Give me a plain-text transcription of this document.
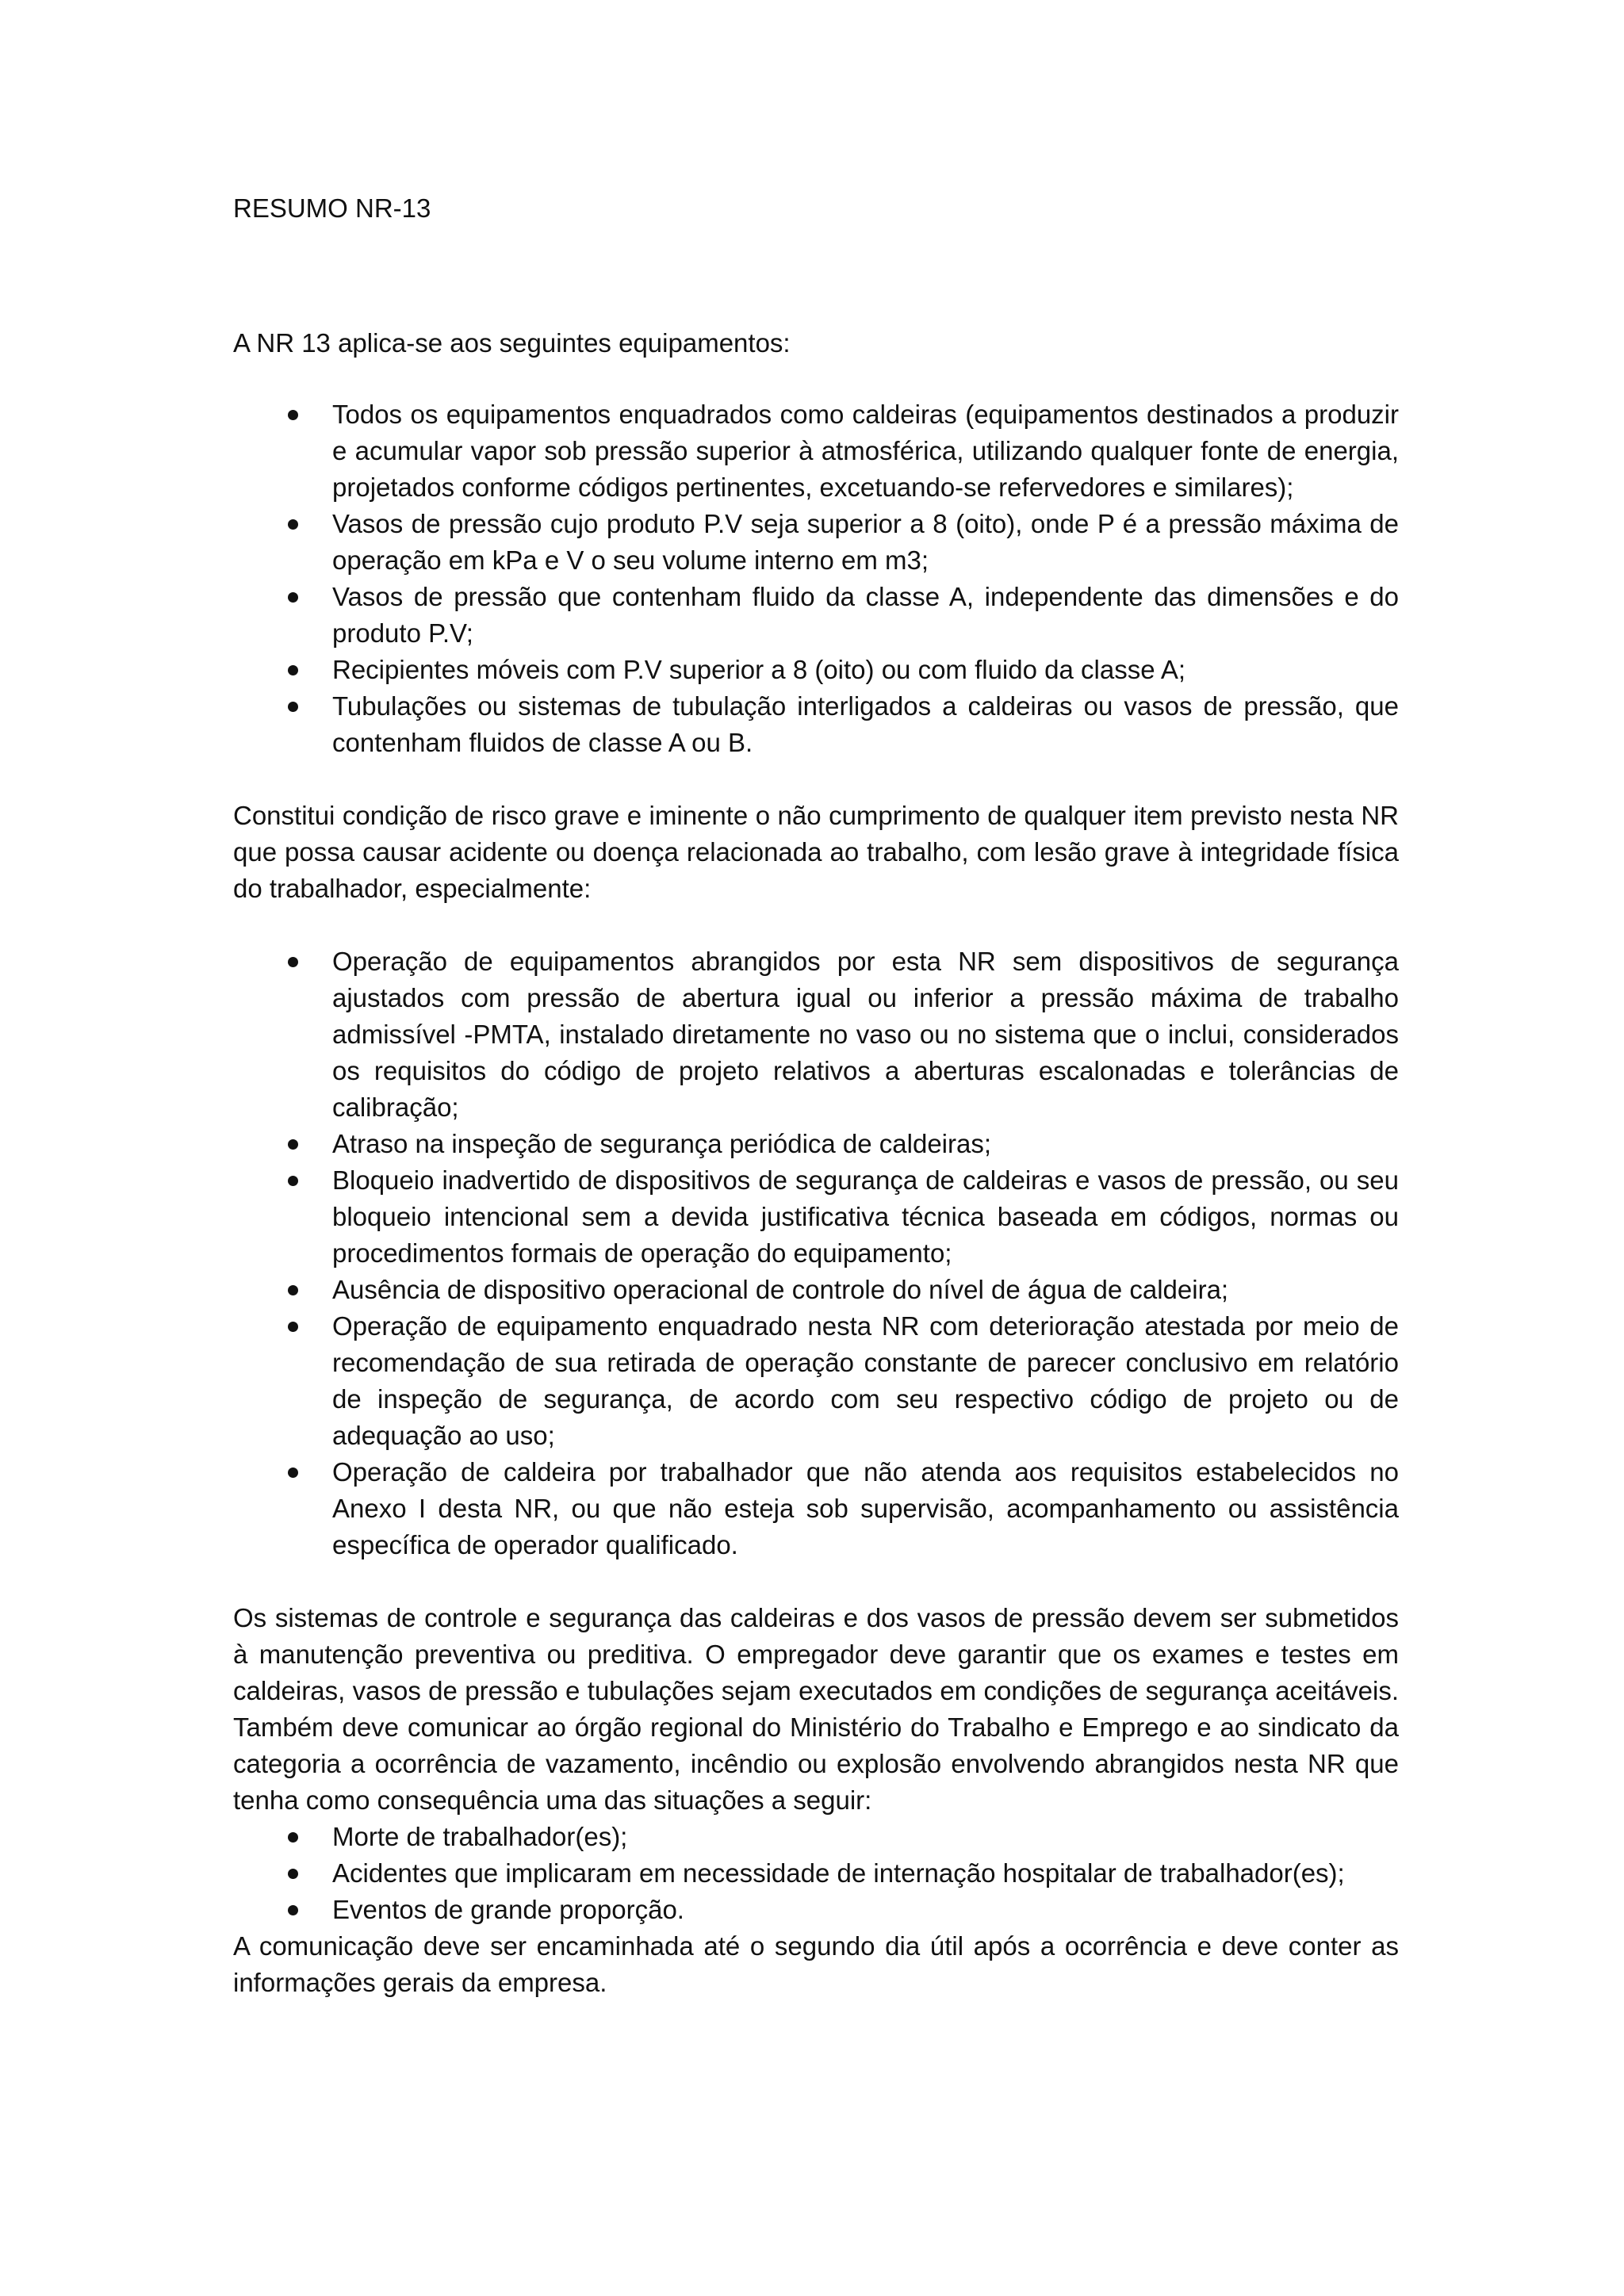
RESUMO NR-13

A NR 13 aplica-se aos seguintes equipamentos:

Todos os equipamentos enquadrados como caldeiras (equipamentos destinados a produzir e acumular vapor sob pressão superior à atmosférica, utilizando qualquer fonte de energia, projetados conforme códigos pertinentes, excetuando-se refervedores e similares);
Vasos de pressão cujo produto P.V seja superior a 8 (oito), onde P é a pressão máxima de operação em kPa e V o seu volume interno em m3;
Vasos de pressão que contenham fluido da classe A, independente das dimensões e do produto P.V;
Recipientes móveis com P.V superior a 8 (oito) ou com fluido da classe A;
Tubulações ou sistemas de tubulação interligados a caldeiras ou vasos de pressão, que contenham fluidos de classe A ou B.

Constitui condição de risco grave e iminente o não cumprimento de qualquer item previsto nesta NR que possa causar acidente ou doença relacionada ao trabalho, com lesão grave à integridade física do trabalhador, especialmente:

Operação de equipamentos abrangidos por esta NR sem dispositivos de segurança ajustados com pressão de abertura igual ou inferior a pressão máxima de trabalho admissível -PMTA, instalado diretamente no vaso ou no sistema que o inclui, considerados os requisitos do código de projeto relativos a aberturas escalonadas e tolerâncias de calibração;
Atraso na inspeção de segurança periódica de caldeiras;
Bloqueio inadvertido de dispositivos de segurança de caldeiras e vasos de pressão, ou seu bloqueio intencional sem a devida justificativa técnica baseada em códigos, normas ou procedimentos formais de operação do equipamento;
Ausência de dispositivo operacional de controle do nível de água de caldeira;
Operação de equipamento enquadrado nesta NR com deterioração atestada por meio de recomendação de sua retirada de operação constante de parecer conclusivo em relatório de inspeção de segurança, de acordo com seu respectivo código de projeto ou de adequação ao uso;
Operação de caldeira por trabalhador que não atenda aos requisitos estabelecidos no Anexo I desta NR, ou que não esteja sob supervisão, acompanhamento ou assistência específica de operador qualificado.

Os sistemas de controle e segurança das caldeiras e dos vasos de pressão devem ser submetidos à manutenção preventiva ou preditiva. O empregador deve garantir que os exames e testes em caldeiras, vasos de pressão e tubulações sejam executados em condições de segurança aceitáveis. Também deve comunicar ao órgão regional do Ministério do Trabalho e Emprego e ao sindicato da categoria a ocorrência de vazamento, incêndio ou explosão envolvendo abrangidos nesta NR que tenha como consequência uma das situações a seguir:

Morte de trabalhador(es);
Acidentes que implicaram em necessidade de internação hospitalar de trabalhador(es);
Eventos de grande proporção.

A comunicação deve ser encaminhada até o segundo dia útil após a ocorrência e deve conter as informações gerais da empresa.
